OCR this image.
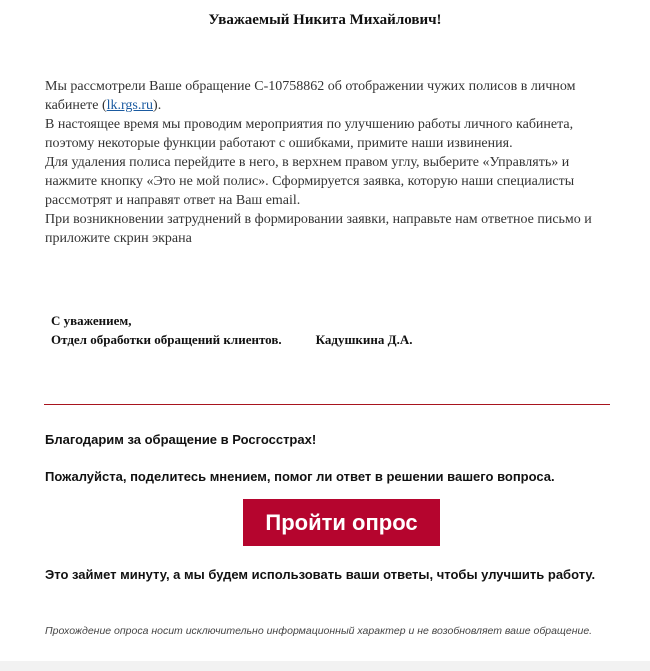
Уважаемый Никита Михайлович!

Мы рассмотрели Ваше обращение С-10758862 об отображении чужих полисов в личном кабинете (lk.rgs.ru).

В настоящее время мы проводим мероприятия по улучшению работы личного кабинета, поэтому некоторые функции работают с ошибками, примите наши извинения.

Для удаления полиса перейдите в него, в верхнем правом углу, выберите «Управлять» и нажмите кнопку «Это не мой полис». Сформируется заявка, которую наши специалисты рассмотрят и направят ответ на Ваш email.

При возникновении затруднений в формировании заявки, направьте нам ответное письмо и приложите скрин экрана

С уважением,
Отдел обработки обращений клиентов.	Кадушкина Д.А.
Благодарим за обращение в Росгосстрах!
Пожалуйста, поделитесь мнением, помог ли ответ в решении вашего вопроса.
Пройти опрос
Это займет минуту, а мы будем использовать ваши ответы, чтобы улучшить работу.
Прохождение опроса носит исключительно информационный характер и не возобновляет ваше обращение.
